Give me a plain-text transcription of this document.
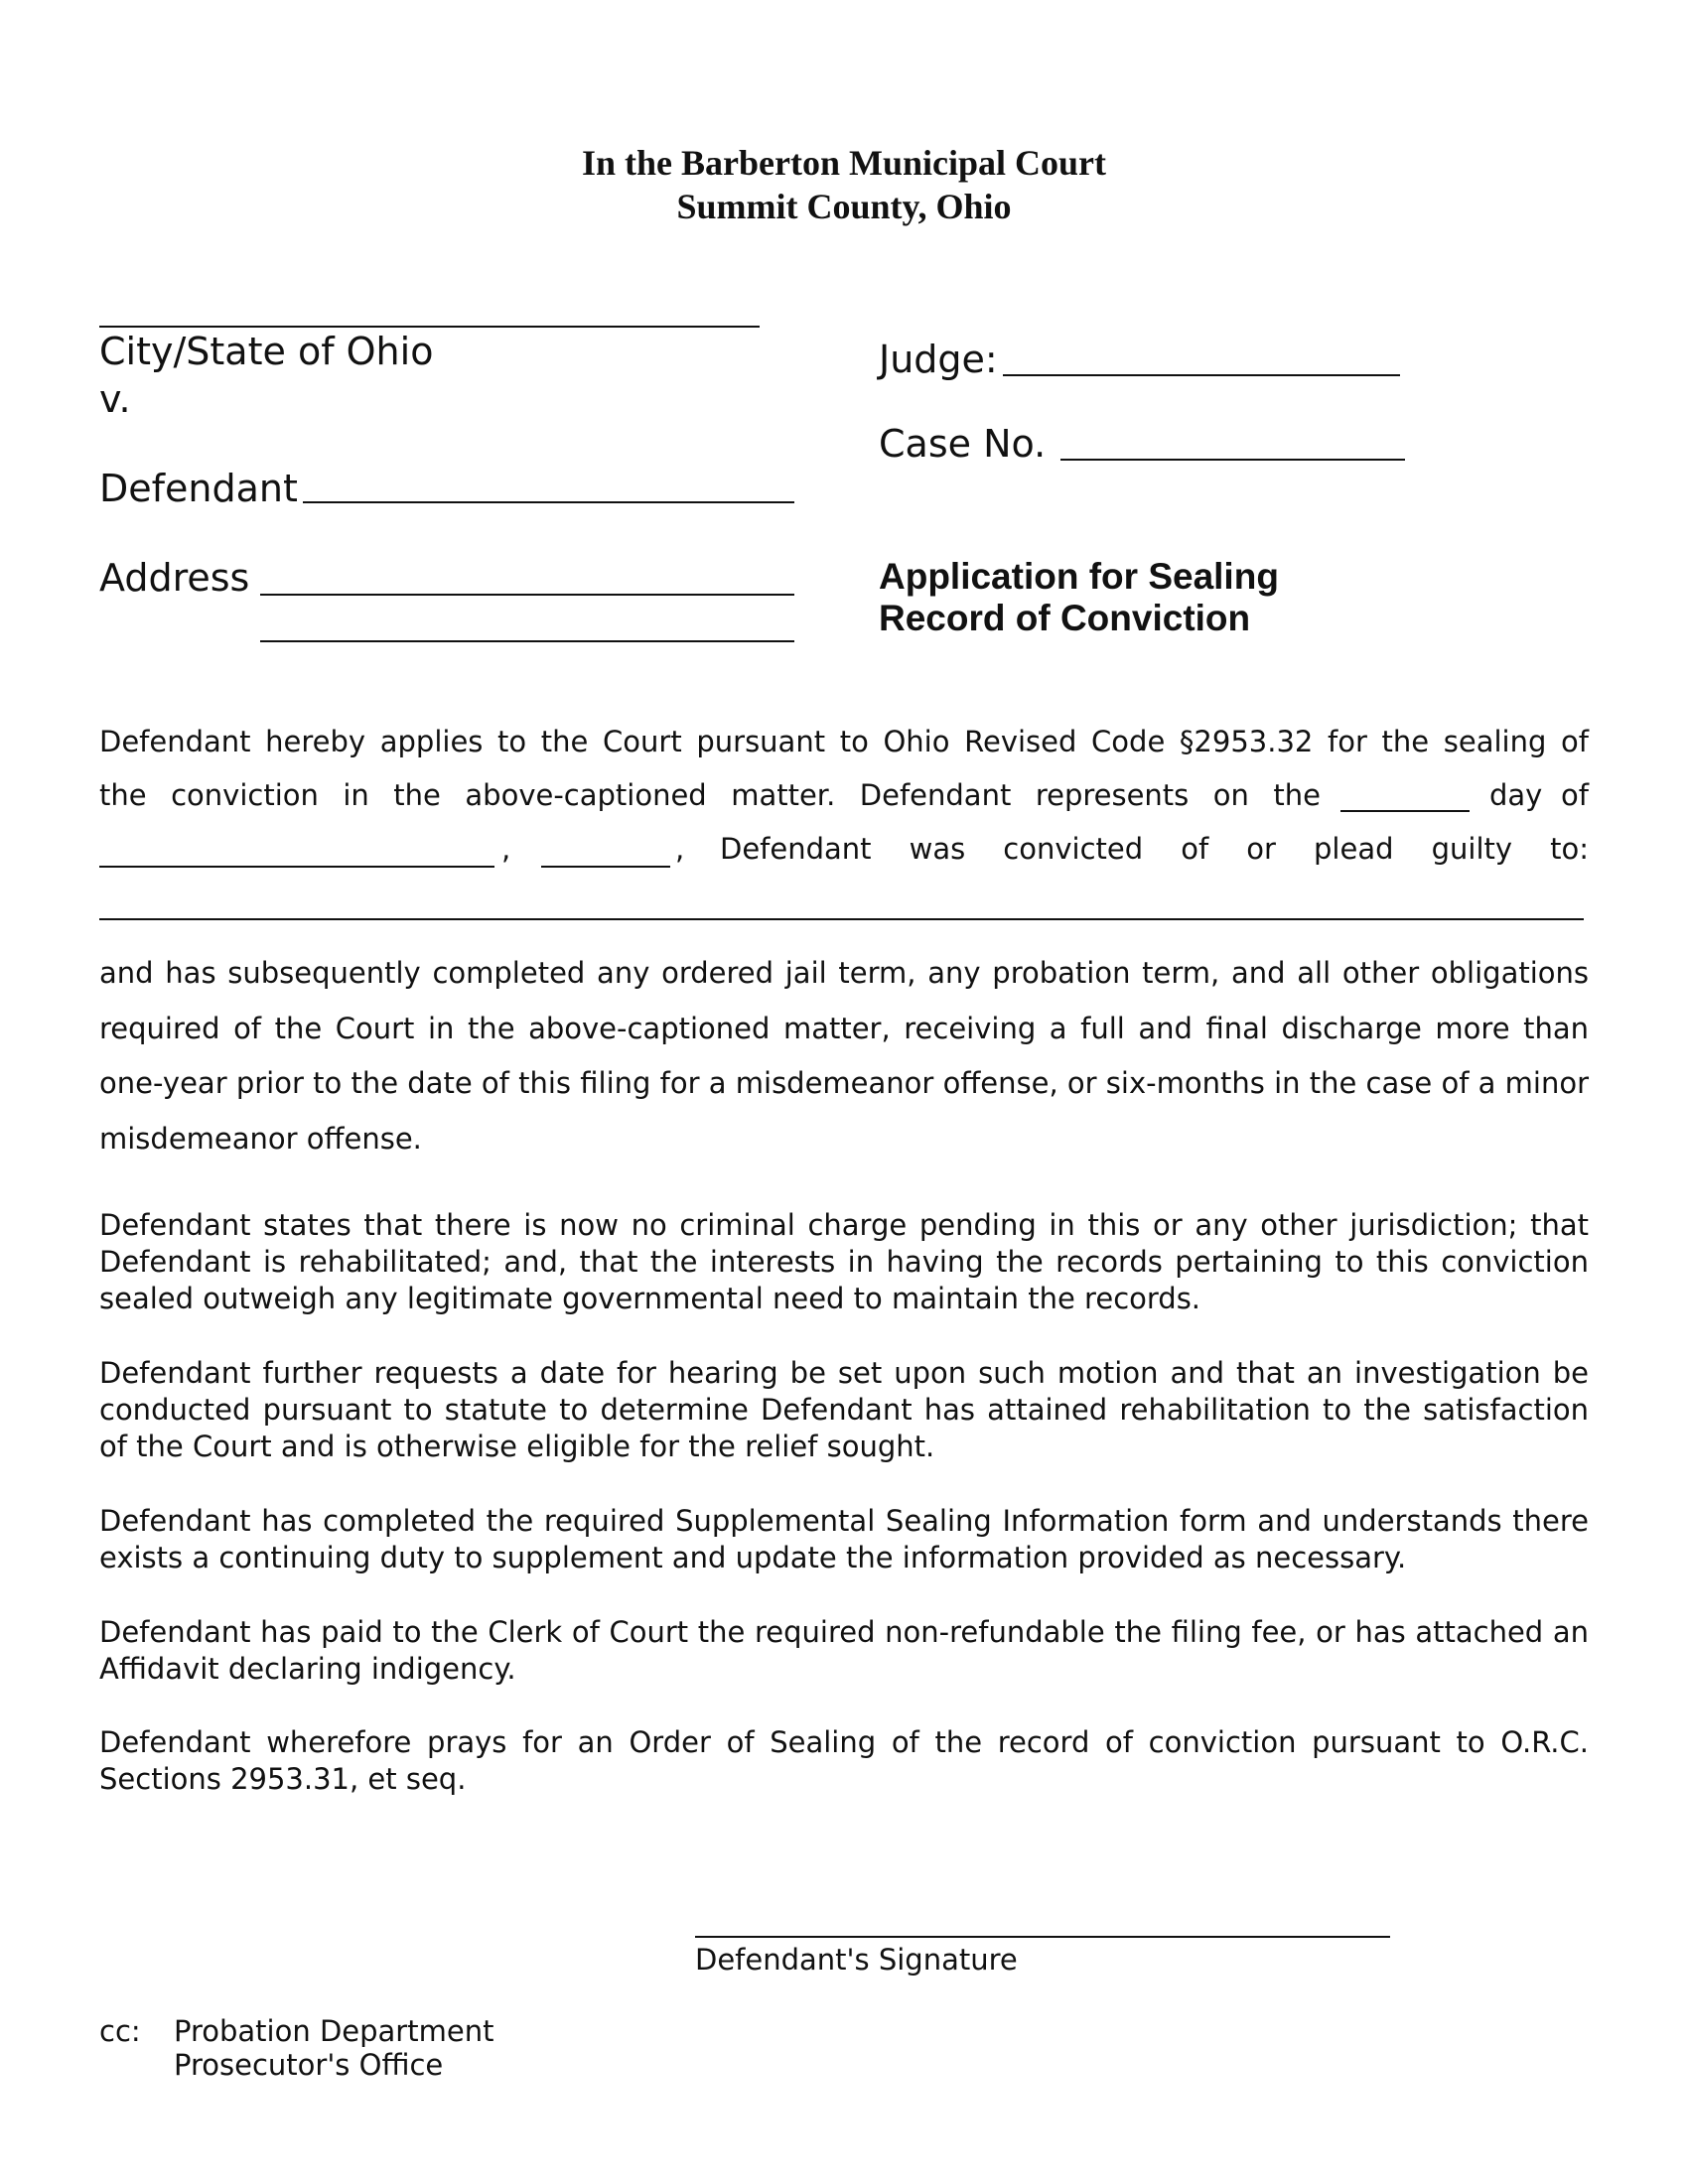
In the Barberton Municipal Court
Summit County, Ohio
City/State of Ohio
v.
Defendant
Address
Judge:
Case No.
Application for Sealing
Record of Conviction
Defendant hereby applies to the Court pursuant to Ohio Revised Code §2953.32 for the sealing of
the conviction in the above-captioned matter. Defendant represents on the	day of
,	, Defendant was convicted of or plead guilty to:
and has subsequently completed any ordered jail term, any probation term, and all other obligations required of the Court in the above-captioned matter, receiving a full and final discharge more than one-year prior to the date of this filing for a misdemeanor offense, or six-months in the case of a minor misdemeanor offense.
Defendant states that there is now no criminal charge pending in this or any other jurisdiction; that Defendant is rehabilitated; and, that the interests in having the records pertaining to this conviction sealed outweigh any legitimate governmental need to maintain the records.
Defendant further requests a date for hearing be set upon such motion and that an investigation be conducted pursuant to statute to determine Defendant has attained rehabilitation to the satisfaction of the Court and is otherwise eligible for the relief sought.
Defendant has completed the required Supplemental Sealing Information form and understands there exists a continuing duty to supplement and update the information provided as necessary.
Defendant has paid to the Clerk of Court the required non-refundable the filing fee, or has attached an Affidavit declaring indigency.
Defendant wherefore prays for an Order of Sealing of the record of conviction pursuant to O.R.C. Sections 2953.31, et seq.
Defendant's Signature
cc: Probation Department
Prosecutor's Office
